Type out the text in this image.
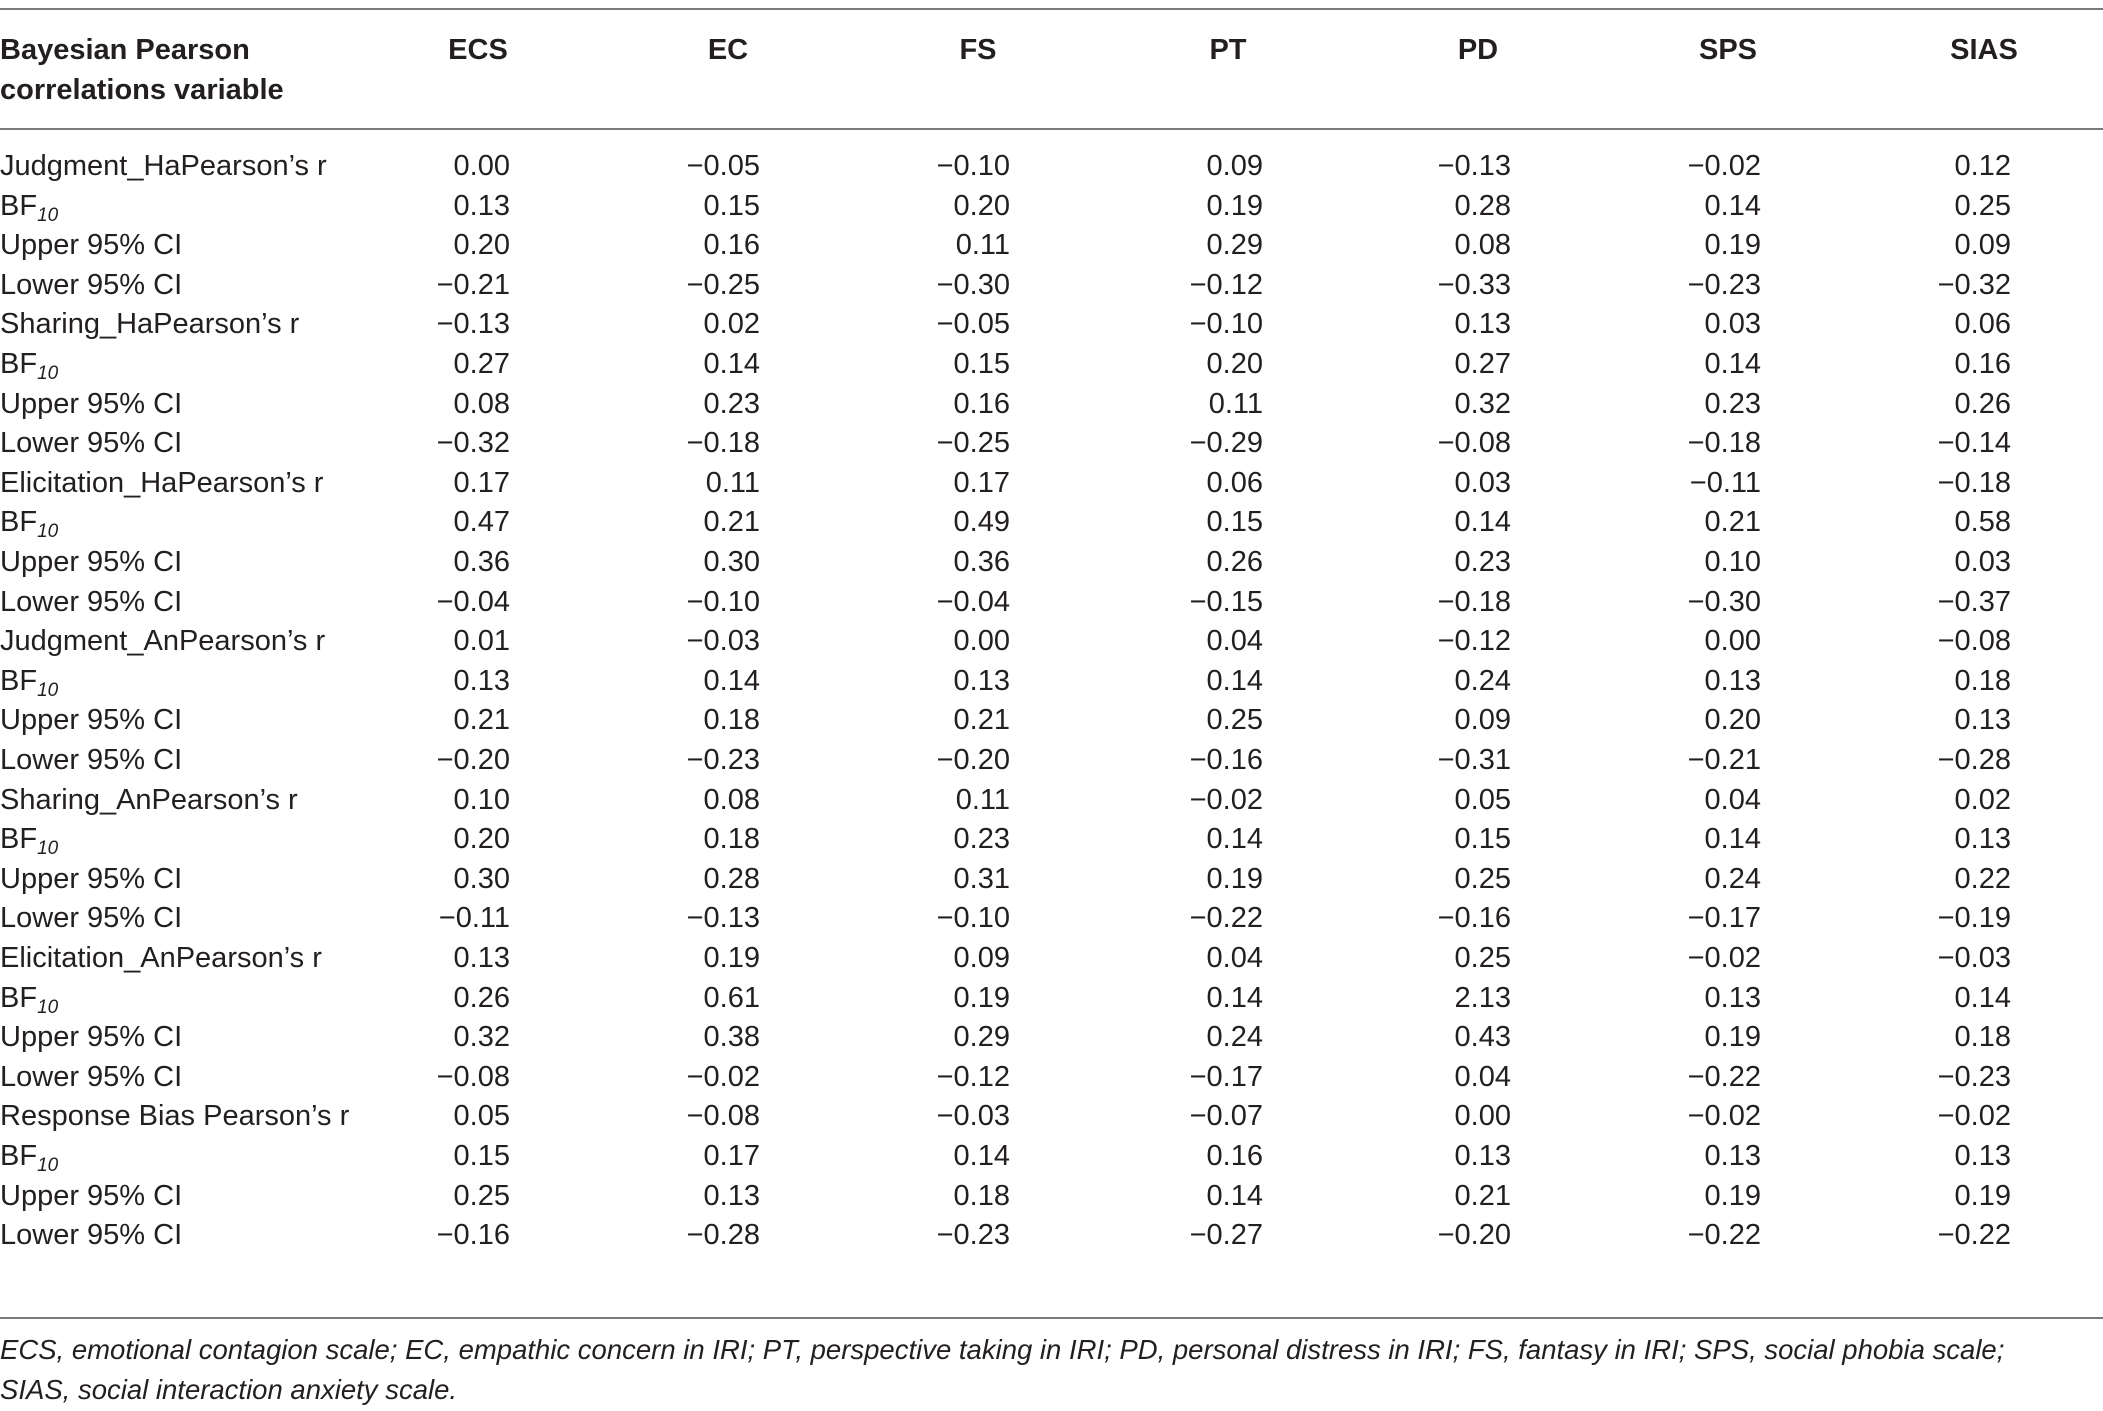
Bayesian Pearson correlations variable
ECS	EC	FS	PT	PD	SPS	SIAS
Judgment_HaPearson’s r	0.00	−0.05	−0.10	0.09	−0.13	−0.02	0.12
$BF_{10}$	0.13	0.15	0.20	0.19	0.28	0.14	0.25
Upper 95% CI	0.20	0.16	0.11	0.29	0.08	0.19	0.09
Lower 95% CI	−0.21	−0.25	−0.30	−0.12	−0.33	−0.23	−0.32
Sharing_HaPearson’s r	−0.13	0.02	−0.05	−0.10	0.13	0.03	0.06
$BF_{10}$	0.27	0.14	0.15	0.20	0.27	0.14	0.16
Upper 95% CI	0.08	0.23	0.16	0.11	0.32	0.23	0.26
Lower 95% CI	−0.32	−0.18	−0.25	−0.29	−0.08	−0.18	−0.14
Elicitation_HaPearson’s r	0.17	0.11	0.17	0.06	0.03	−0.11	−0.18
$BF_{10}$	0.47	0.21	0.49	0.15	0.14	0.21	0.58
Upper 95% CI	0.36	0.30	0.36	0.26	0.23	0.10	0.03
Lower 95% CI	−0.04	−0.10	−0.04	−0.15	−0.18	−0.30	−0.37
Judgment_AnPearson’s r	0.01	−0.03	0.00	0.04	−0.12	0.00	−0.08
$BF_{10}$	0.13	0.14	0.13	0.14	0.24	0.13	0.18
Upper 95% CI	0.21	0.18	0.21	0.25	0.09	0.20	0.13
Lower 95% CI	−0.20	−0.23	−0.20	−0.16	−0.31	−0.21	−0.28
Sharing_AnPearson’s r	0.10	0.08	0.11	−0.02	0.05	0.04	0.02
$BF_{10}$	0.20	0.18	0.23	0.14	0.15	0.14	0.13
Upper 95% CI	0.30	0.28	0.31	0.19	0.25	0.24	0.22
Lower 95% CI	−0.11	−0.13	−0.10	−0.22	−0.16	−0.17	−0.19
Elicitation_AnPearson’s r	0.13	0.19	0.09	0.04	0.25	−0.02	−0.03
$BF_{10}$	0.26	0.61	0.19	0.14	2.13	0.13	0.14
Upper 95% CI	0.32	0.38	0.29	0.24	0.43	0.19	0.18
Lower 95% CI	−0.08	−0.02	−0.12	−0.17	0.04	−0.22	−0.23
Response Bias Pearson’s r	0.05	−0.08	−0.03	−0.07	0.00	−0.02	−0.02
$BF_{10}$	0.15	0.17	0.14	0.16	0.13	0.13	0.13
Upper 95% CI	0.25	0.13	0.18	0.14	0.21	0.19	0.19
Lower 95% CI	−0.16	−0.28	−0.23	−0.27	−0.20	−0.22	−0.22
ECS, emotional contagion scale; EC, empathic concern in IRI; PT, perspective taking in IRI; PD, personal distress in IRI; FS, fantasy in IRI; SPS, social phobia scale; SIAS, social interaction anxiety scale.
